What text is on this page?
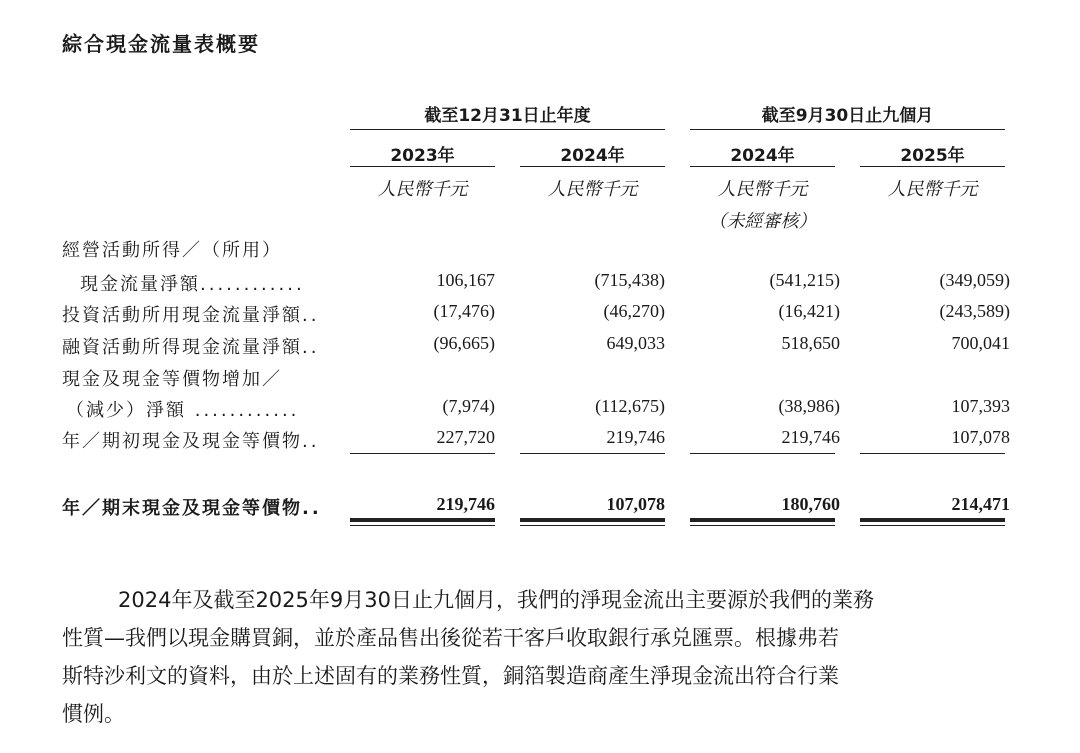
綜合現金流量表概要
截至12月31日止年度	截至9月30日止九個月
2023年	2024年	2024年	2025年
人民幣千元	人民幣千元	人民幣千元	人民幣千元
（未經審核）
經營活動所得／（所用）
現金流量淨額............	106,167	(715,438)	(541,215)	(349,059)
投資活動所用現金流量淨額..	(17,476)	(46,270)	(16,421)	(243,589)
融資活動所得現金流量淨額..	(96,665)	649,033	518,650	700,041
現金及現金等價物增加／
（減少）淨額 ............	(7,974)	(112,675)	(38,986)	107,393
年／期初現金及現金等價物..	227,720	219,746	219,746	107,078
年／期末現金及現金等價物..	219,746	107,078	180,760	214,471
2024年及截至2025年9月30日止九個月，我們的淨現金流出主要源於我們的業務
性質—我們以現金購買銅，並於產品售出後從若干客戶收取銀行承兑匯票。根據弗若
斯特沙利文的資料，由於上述固有的業務性質，銅箔製造商產生淨現金流出符合行業
慣例。
